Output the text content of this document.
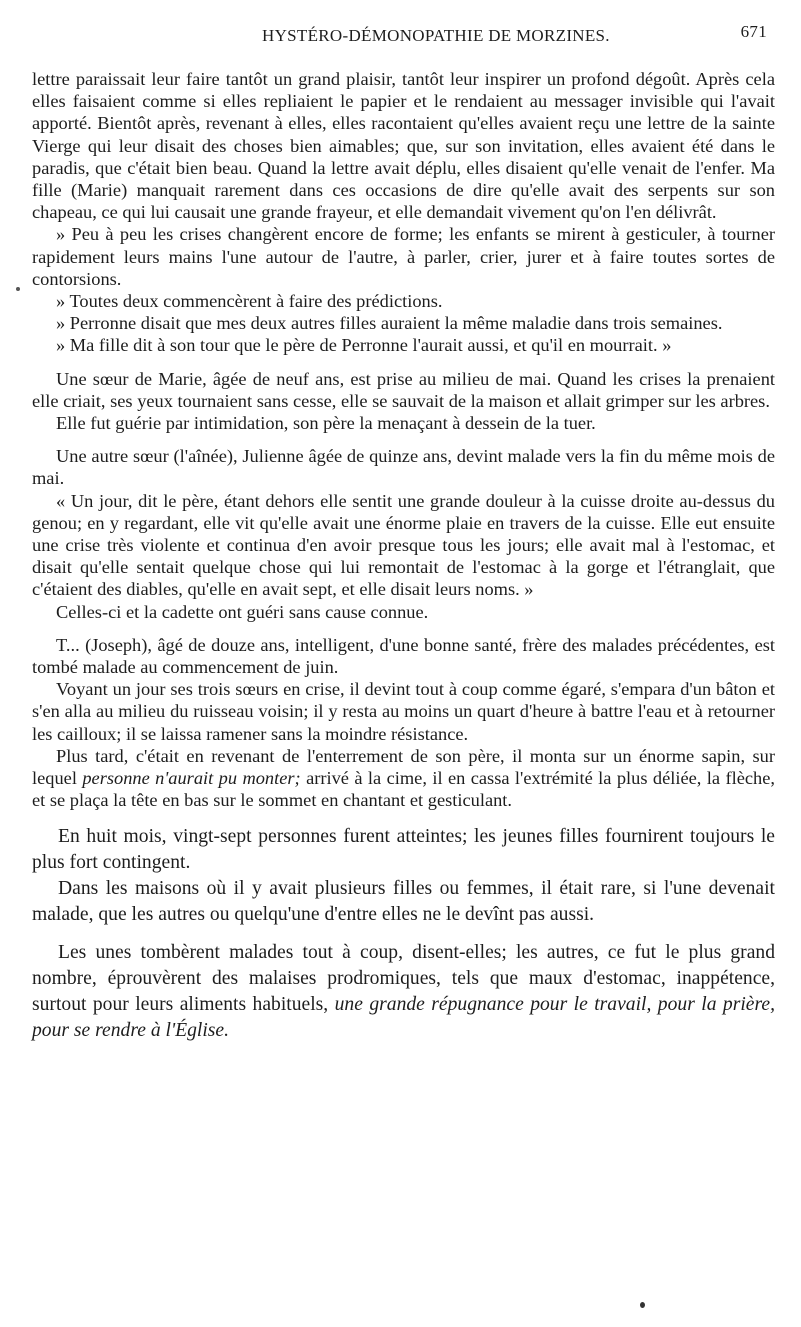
HYSTÉRO-DÉMONOPATHIE DE MORZINES.	671

lettre paraissait leur faire tantôt un grand plaisir, tantôt leur inspirer un profond dégoût. Après cela elles faisaient comme si elles repliaient le papier et le rendaient au messager invisible qui l'avait apporté. Bientôt après, revenant à elles, elles racontaient qu'elles avaient reçu une lettre de la sainte Vierge qui leur disait des choses bien aimables; que, sur son invitation, elles avaient été dans le paradis, que c'était bien beau. Quand la lettre avait déplu, elles disaient qu'elle venait de l'enfer. Ma fille (Marie) manquait rarement dans ces occasions de dire qu'elle avait des serpents sur son chapeau, ce qui lui causait une grande frayeur, et elle demandait vivement qu'on l'en délivrât.

» Peu à peu les crises changèrent encore de forme; les enfants se mirent à gesticuler, à tourner rapidement leurs mains l'une autour de l'autre, à parler, crier, jurer et à faire toutes sortes de contorsions.

» Toutes deux commencèrent à faire des prédictions.

» Perronne disait que mes deux autres filles auraient la même maladie dans trois semaines.

» Ma fille dit à son tour que le père de Perronne l'aurait aussi, et qu'il en mourrait. »

Une sœur de Marie, âgée de neuf ans, est prise au milieu de mai. Quand les crises la prenaient elle criait, ses yeux tournaient sans cesse, elle se sauvait de la maison et allait grimper sur les arbres.

Elle fut guérie par intimidation, son père la menaçant à dessein de la tuer.

Une autre sœur (l'aînée), Julienne âgée de quinze ans, devint malade vers la fin du même mois de mai.

« Un jour, dit le père, étant dehors elle sentit une grande douleur à la cuisse droite au-dessus du genou; en y regardant, elle vit qu'elle avait une énorme plaie en travers de la cuisse. Elle eut ensuite une crise très violente et continua d'en avoir presque tous les jours; elle avait mal à l'estomac, et disait qu'elle sentait quelque chose qui lui remontait de l'estomac à la gorge et l'étranglait, que c'étaient des diables, qu'elle en avait sept, et elle disait leurs noms. »

Celles-ci et la cadette ont guéri sans cause connue.

T... (Joseph), âgé de douze ans, intelligent, d'une bonne santé, frère des malades précédentes, est tombé malade au commencement de juin.

Voyant un jour ses trois sœurs en crise, il devint tout à coup comme égaré, s'empara d'un bâton et s'en alla au milieu du ruisseau voisin; il y resta au moins un quart d'heure à battre l'eau et à retourner les cailloux; il se laissa ramener sans la moindre résistance.

Plus tard, c'était en revenant de l'enterrement de son père, il monta sur un énorme sapin, sur lequel personne n'aurait pu monter; arrivé à la cime, il en cassa l'extrémité la plus déliée, la flèche, et se plaça la tête en bas sur le sommet en chantant et gesticulant.

En huit mois, vingt-sept personnes furent atteintes; les jeunes filles fournirent toujours le plus fort contingent.

Dans les maisons où il y avait plusieurs filles ou femmes, il était rare, si l'une devenait malade, que les autres ou quelqu'une d'entre elles ne le devînt pas aussi.

Les unes tombèrent malades tout à coup, disent-elles; les autres, ce fut le plus grand nombre, éprouvèrent des malaises prodromiques, tels que maux d'estomac, inappétence, surtout pour leurs aliments habituels, une grande répugnance pour le travail, pour la prière, pour se rendre à l'Église.
